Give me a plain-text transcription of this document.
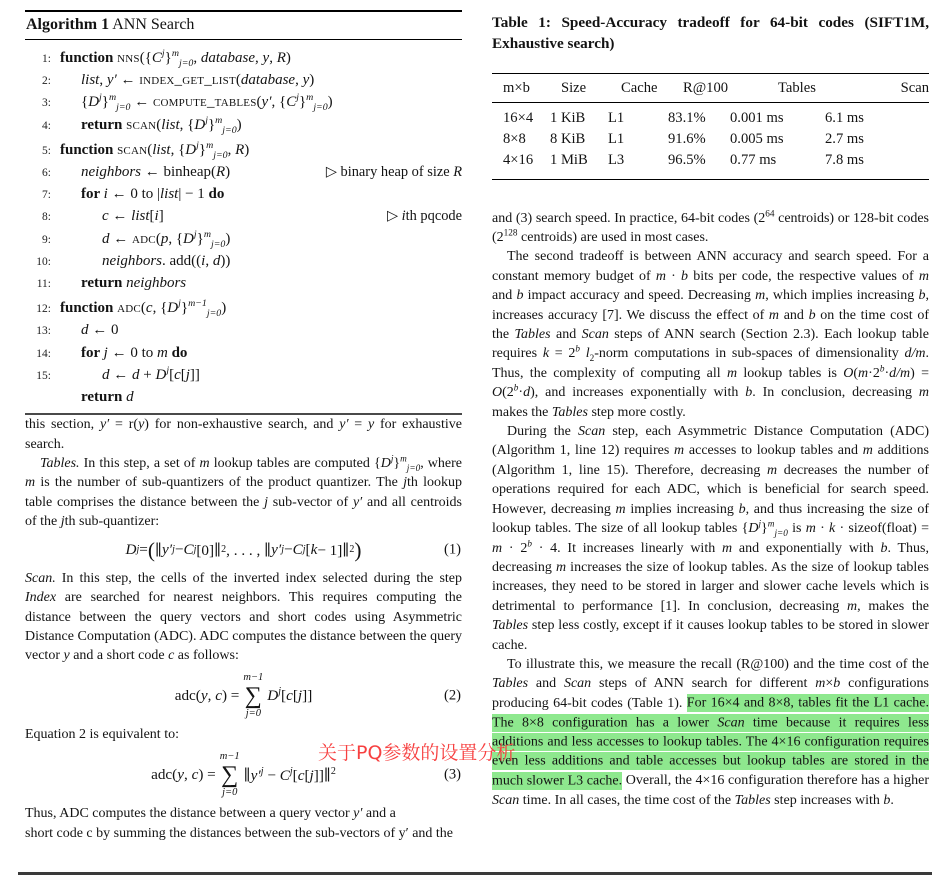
Algorithm 1 ANN Search
1: function $nns(\{C^j\}^m_{j=0}$, database, y, R)
2:	list, y′ ← index_get_list(database, y)
3:	$\{D^j\}^m_{j=0}$ ← compute_tables(y′, $\{C^j\}^m_{j=0}$)
4:	return scan(list, $\{D^j\}^m_{j=0}$)
5: function scan(list, $\{D^j\}^m_{j=0}$, R)
6:	neighbors ← binheap(R)	▷ binary heap of size R
7:	for i ← 0 to |list| − 1 do
8:	c ← list[i]	▷ ith pqcode
9:	d ← adc(p, $\{D^j\}^m_{j=0}$)
10:	neighbors. add((i, d))
11:	return neighbors
12: function adc(c, $\{D^j\}^{m-1}_{j=0}$)
13:	d ← 0
14:	for j ← 0 to m do
15:	d ← $d + D^j[c[j]]$
return d

this section, y′ = r(y) for non-exhaustive search, and y′ = y for exhaustive search.

Tables. In this step, a set of m lookup tables are computed $\{D^j\}^m_{j=0}$, where m is the number of sub-quantizers of the product quantizer. The jth lookup table comprises the distance between the j sub-vector of y′ and all centroids of the jth sub-quantizer:

D j = ( ∥ y′ j − C j [0]∥ 2 , . . . , ∥ y′ j − C j [ k − 1]∥ 2 )	(1)

Scan. In this step, the cells of the inverted index selected during the step Index are searched for nearest neighbors. This requires computing the distance between the query vectors and short codes using Asymmetric Distance Computation (ADC). ADC computes the distance between the query vector y and a short code c as follows:

adc(y, c) =
m−1
∑
j=0
$D^j[c[j]]$	(2)

Equation 2 is equivalent to:

adc(y, c) =
m−1
∑
j=0
$\parallel y'^j$ − $C^j[c[j]]\parallel^2$	(3)

Thus, ADC computes the distance between a query vector y′ and a

short code c by summing the distances between the sub-vectors of y′ and the

Table 1: Speed-Accuracy tradeoff for 64-bit codes (SIFT1M, Exhaustive search)

m×b	Size	Cache	R@100	Tables	Scan
16×4	1 KiB	L1	83.1%	0.001 ms	6.1 ms
8×8	8 KiB	L1	91.6%	0.005 ms	2.7 ms
4×16	1 MiB	L3	96.5%	0.77 ms	7.8 ms

and (3) search speed. In practice, 64-bit codes ($2^{64}$ centroids) or 128-bit codes ($2^{128}$ centroids) are used in most cases.

The second tradeoff is between ANN accuracy and search speed. For a constant memory budget of m · b bits per code, the respective values of m and b impact accuracy and speed. Decreasing m, which implies increasing b, increases accuracy [7]. We discuss the effect of m and b on the time cost of the Tables and Scan steps of ANN search (Section 2.3). Each lookup table requires $k = 2^b$ $l_2$-norm computations in sub-spaces of dimensionality d/m. Thus, the complexity of computing all m lookup tables is $O(m\cdot 2^b\cdot d/m) = O(2^b\cdot d)$, and increases exponentially with b. In conclusion, decreasing m makes the Tables step more costly.

During the Scan step, each Asymmetric Distance Computation (ADC) (Algorithm 1, line 12) requires m accesses to lookup tables and m additions (Algorithm 1, line 15). Therefore, decreasing m decreases the number of operations required for each ADC, which is beneficial for search speed. However, decreasing m implies increasing b, and thus increasing the size of lookup tables. The size of all lookup tables $\{D^j\}^m_{j=0}$ is m · k · sizeof(float) = $m \cdot 2^b \cdot 4$. It increases linearly with m and exponentially with b. Thus, decreasing m increases the size of lookup tables. As the size of lookup tables increases, they need to be stored in larger and slower cache levels which is detrimental to performance [1]. In conclusion, decreasing m, makes the Tables step less costly, except if it causes lookup tables to be stored in slower cache.

To illustrate this, we measure the recall (R@100) and the time cost of the Tables and Scan steps of ANN search for different m×b configurations producing 64-bit codes (Table 1). For 16×4 and 8×8, tables fit the L1 cache. The 8×8 configuration has a lower Scan time because it requires less additions and less accesses to lookup tables. The 4×16 configuration requires even less additions and table accesses but lookup tables are stored in the much slower L3 cache. Overall, the 4×16 configuration therefore has a higher Scan time. In all cases, the time cost of the Tables step increases with b.

关于PQ参数的设置分析
